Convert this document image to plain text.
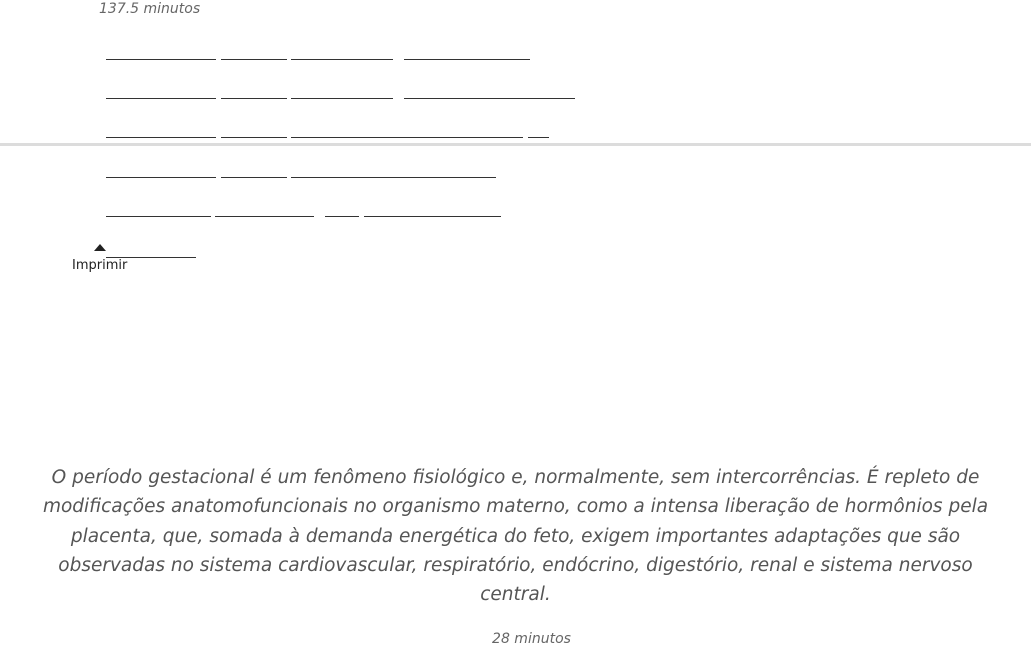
137.5 minutos
Imprimir
O período gestacional é um fenômeno fisiológico e, normalmente, sem intercorrências. É repleto de modificações anatomofuncionais no organismo materno, como a intensa liberação de hormônios pela placenta, que, somada à demanda energética do feto, exigem importantes adaptações que são observadas no sistema cardiovascular, respiratório, endócrino, digestório, renal e sistema nervoso central.
28 minutos
